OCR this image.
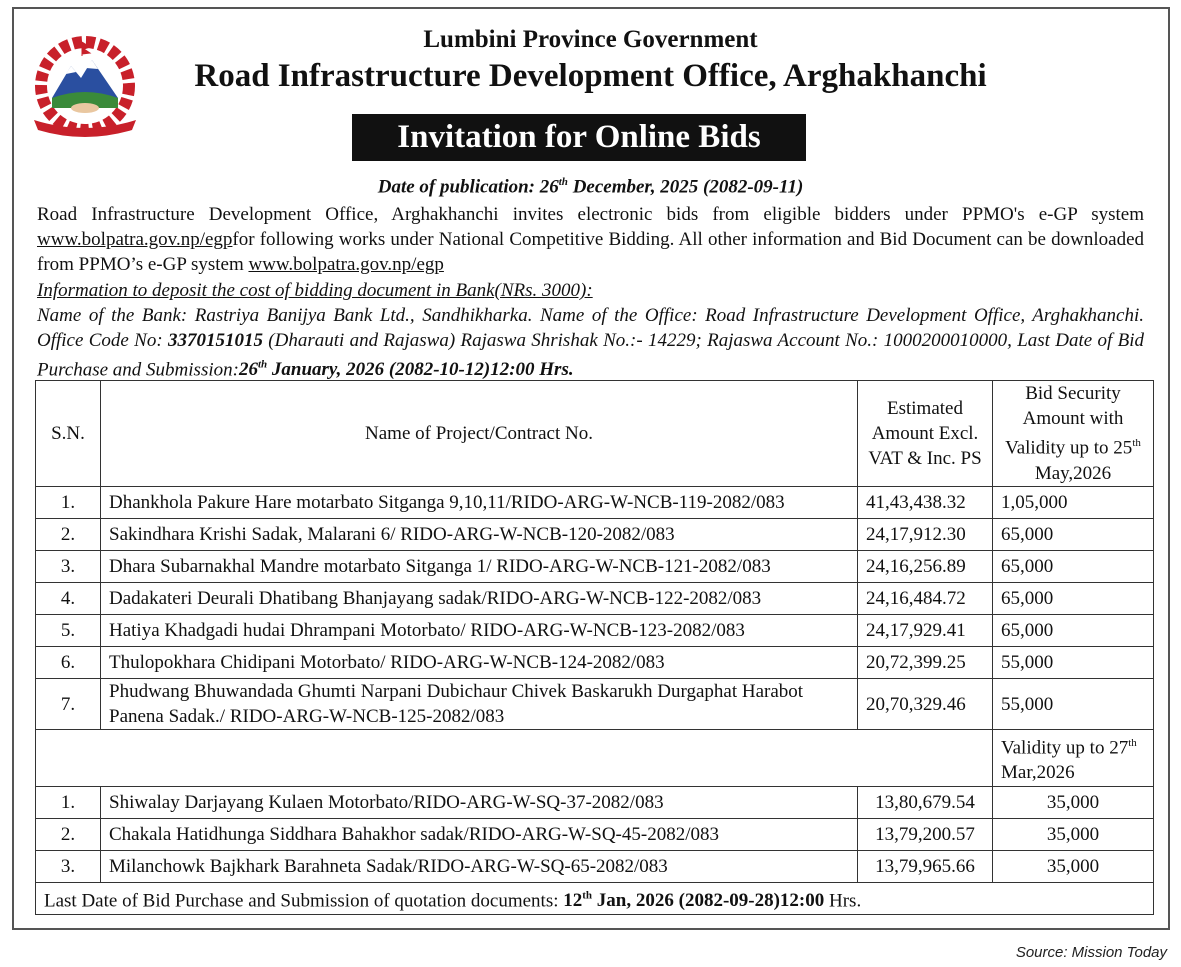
Lumbini Province Government
Road Infrastructure Development Office, Arghakhanchi
Invitation for Online Bids
Date of publication: 26th December, 2025 (2082-09-11)
Road Infrastructure Development Office, Arghakhanchi invites electronic bids from eligible bidders under PPMO's e-GP system www.bolpatra.gov.np/egpfor following works under National Competitive Bidding. All other information and Bid Document can be downloaded from PPMO’s e-GP system www.bolpatra.gov.np/egp
Information to deposit the cost of bidding document in Bank(NRs. 3000):
Name of the Bank: Rastriya Banijya Bank Ltd., Sandhikharka. Name of the Office: Road Infrastructure Development Office, Arghakhanchi. Office Code No: 3370151015 (Dharauti and Rajaswa) Rajaswa Shrishak No.:- 14229; Rajaswa Account No.: 1000200010000, Last Date of Bid Purchase and Submission:26th January, 2026 (2082-10-12)12:00 Hrs.
S.N.	Name of Project/Contract No.	Estimated Amount Excl. VAT & Inc. PS	Bid Security Amount with Validity up to 25th May,2026
1.	Dhankhola Pakure Hare motarbato Sitganga 9,10,11/RIDO-ARG-W-NCB-119-2082/083	41,43,438.32	1,05,000
2.	Sakindhara Krishi Sadak, Malarani 6/ RIDO-ARG-W-NCB-120-2082/083	24,17,912.30	65,000
3.	Dhara Subarnakhal Mandre motarbato Sitganga 1/ RIDO-ARG-W-NCB-121-2082/083	24,16,256.89	65,000
4.	Dadakateri Deurali Dhatibang Bhanjayang sadak/RIDO-ARG-W-NCB-122-2082/083	24,16,484.72	65,000
5.	Hatiya Khadgadi hudai Dhrampani Motorbato/ RIDO-ARG-W-NCB-123-2082/083	24,17,929.41	65,000
6.	Thulopokhara Chidipani Motorbato/ RIDO-ARG-W-NCB-124-2082/083	20,72,399.25	55,000
7.	Phudwang Bhuwandada Ghumti Narpani Dubichaur Chivek Baskarukh Durgaphat Harabot Panena Sadak./ RIDO-ARG-W-NCB-125-2082/083	20,70,329.46	55,000
			Validity up to 27th Mar,2026
1.	Shiwalay Darjayang Kulaen Motorbato/RIDO-ARG-W-SQ-37-2082/083	13,80,679.54	35,000
2.	Chakala Hatidhunga Siddhara Bahakhor sadak/RIDO-ARG-W-SQ-45-2082/083	13,79,200.57	35,000
3.	Milanchowk Bajkhark Barahneta Sadak/RIDO-ARG-W-SQ-65-2082/083	13,79,965.66	35,000
Last Date of Bid Purchase and Submission of quotation documents: 12th Jan, 2026 (2082-09-28)12:00 Hrs.			
Source: Mission Today
